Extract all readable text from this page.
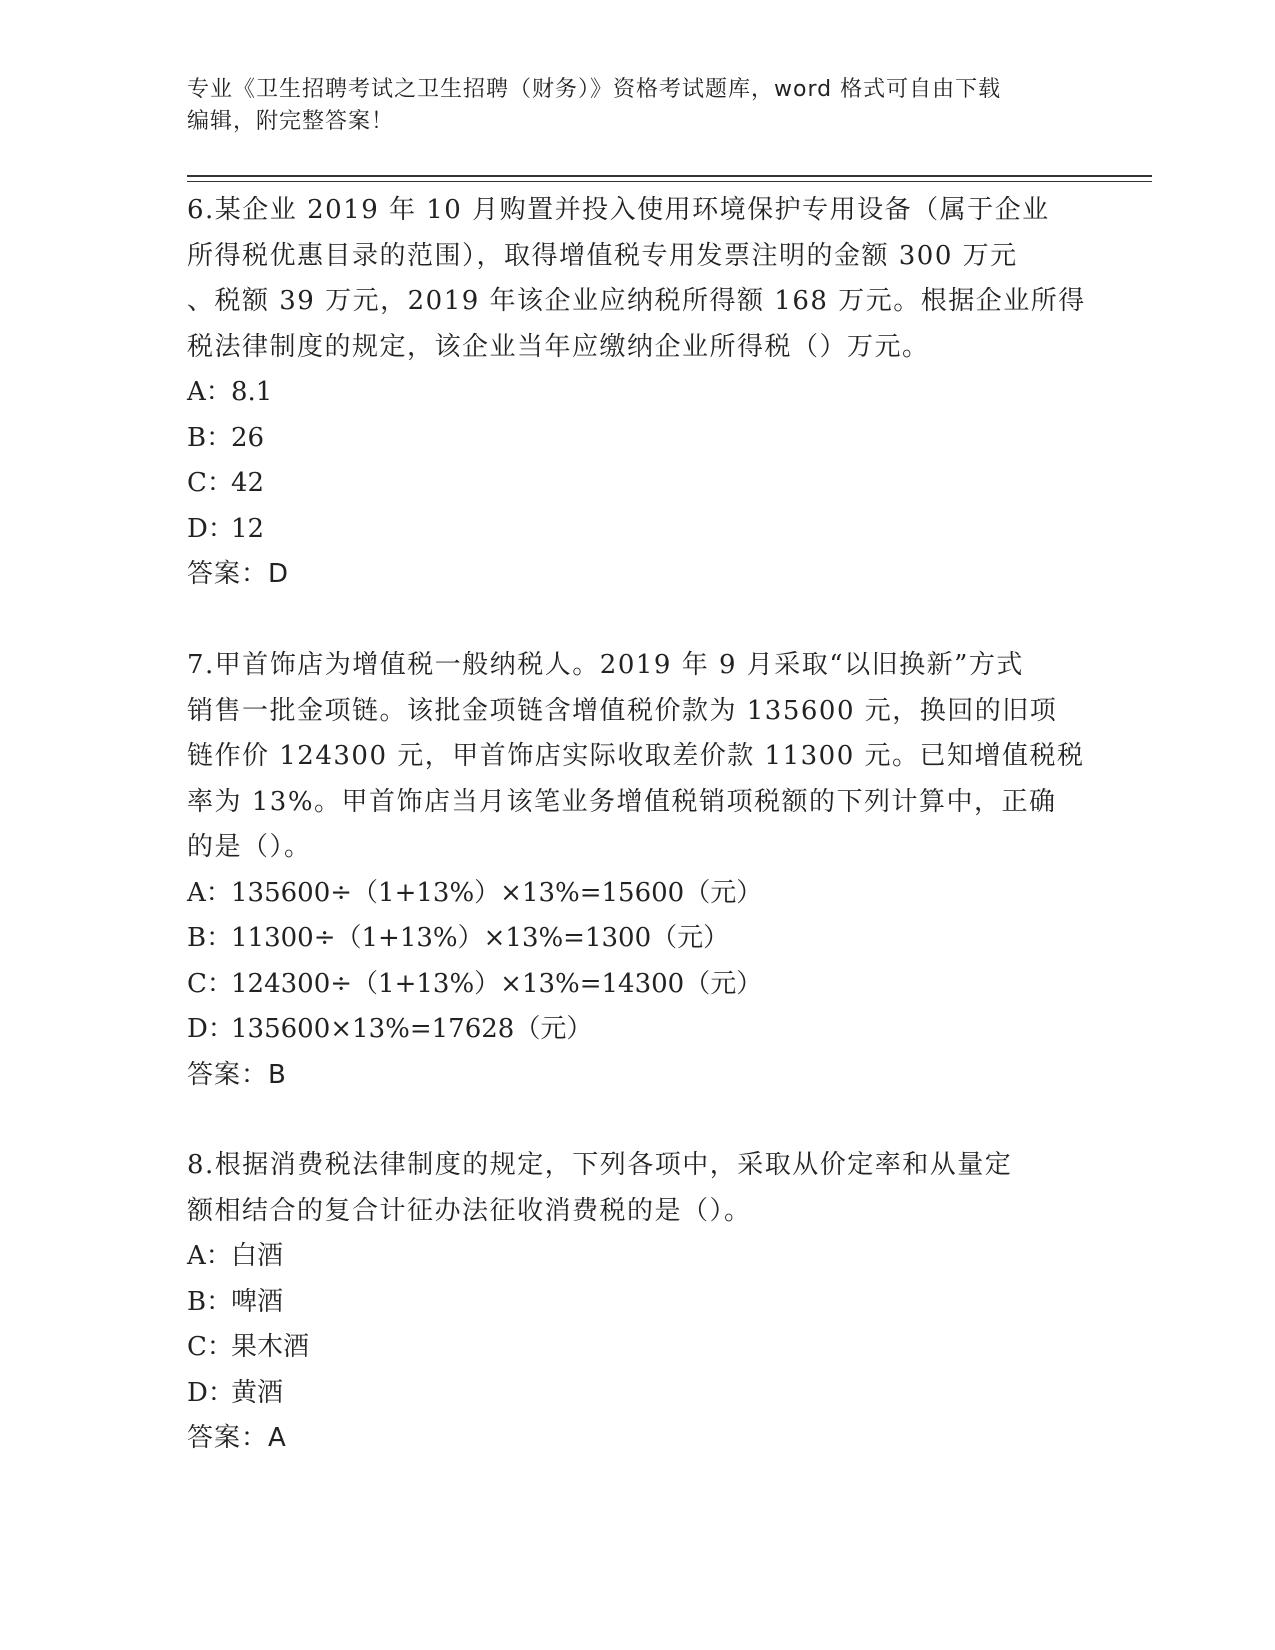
专业《卫生招聘考试之卫生招聘（财务）》资格考试题库，word 格式可自由下载
编辑，附完整答案！
6.某企业 2019 年 10 月购置并投入使用环境保护专用设备（属于企业
所得税优惠目录的范围），取得增值税专用发票注明的金额 300 万元
、税额 39 万元，2019 年该企业应纳税所得额 168 万元。根据企业所得
税法律制度的规定，该企业当年应缴纳企业所得税（）万元。
A：8.1
B：26
C：42
D：12
答案：D
7.甲首饰店为增值税一般纳税人。2019 年 9 月采取“以旧换新”方式
销售一批金项链。该批金项链含增值税价款为 135600 元，换回的旧项
链作价 124300 元，甲首饰店实际收取差价款 11300 元。已知增值税税
率为 13%。甲首饰店当月该笔业务增值税销项税额的下列计算中，正确
的是（）。
A：135600÷（1+13%）×13%=15600（元）
B：11300÷（1+13%）×13%=1300（元）
C：124300÷（1+13%）×13%=14300（元）
D：135600×13%=17628（元）
答案：B
8.根据消费税法律制度的规定，下列各项中，采取从价定率和从量定
额相结合的复合计征办法征收消费税的是（）。
A：白酒
B：啤酒
C：果木酒
D：黄酒
答案：A
